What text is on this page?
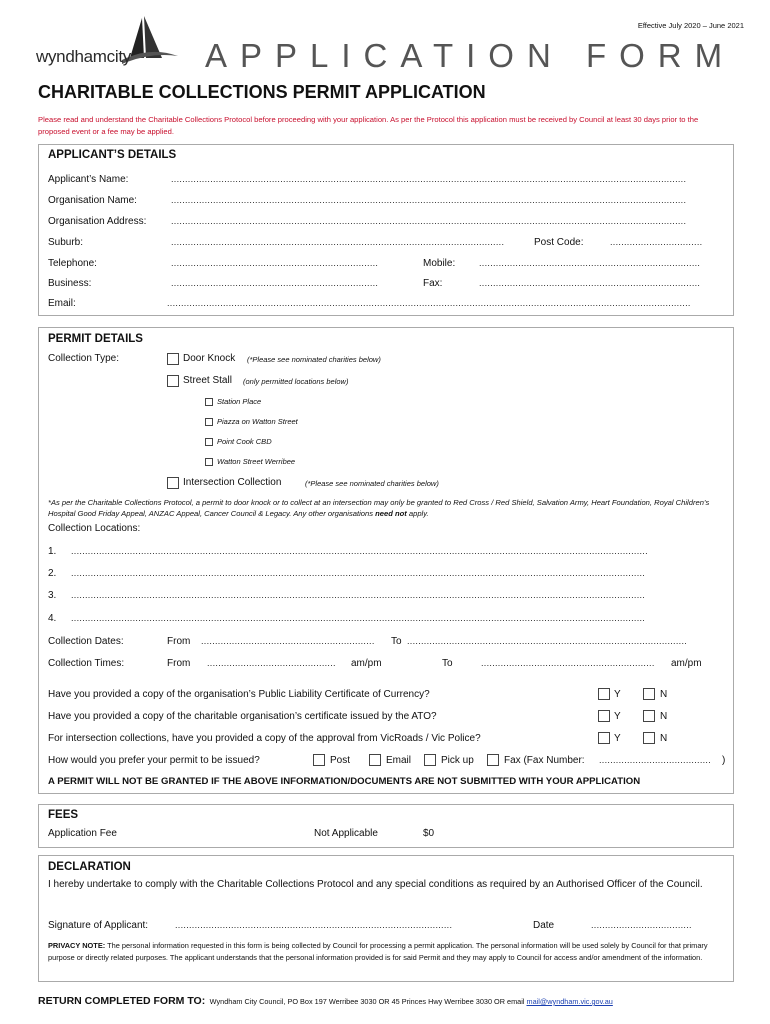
wyndhamcity
Effective July 2020 – June 2021
APPLICATION FORM
CHARITABLE COLLECTIONS PERMIT APPLICATION
Please read and understand the Charitable Collections Protocol before proceeding with your application. As per the Protocol this application must be received by Council at least 30 days prior to the proposed event or a fee may be applied.
APPLICANT’S DETAILS
Applicant’s Name:	........................................................................................................................................................................................
Organisation Name:	........................................................................................................................................................................................
Organisation Address:	........................................................................................................................................................................................
Suburb:	.......................................................................................................................	Post Code:	.................................
Telephone:	..........................................................................	Mobile:	...............................................................................
Business:	..........................................................................	Fax:	...............................................................................
Email:	...........................................................................................................................................................................................
PERMIT DETAILS
Collection Type:	Door Knock (*Please see nominated charities below)
Street Stall (only permitted locations below)
Station Place
Piazza on Watton Street
Point Cook CBD
Watton Street Werribee
Intersection Collection	(*Please see nominated charities below)
*As per the Charitable Collections Protocol, a permit to door knock or to collect at an intersection may only be granted to Red Cross / Red Shield, Salvation Army, Heart Foundation, Royal Children’s Hospital Good Friday Appeal, ANZAC Appeal, Cancer Council & Legacy. Any other organisations need not apply.
Collection Locations:
1. ..............................................................................................................................................................................................................
2. .............................................................................................................................................................................................................
3. .............................................................................................................................................................................................................
4. .............................................................................................................................................................................................................
Collection Dates:	From ..............................................................	To ....................................................................................................
Collection Times:	From ..............................................	am/pm	To	..............................................................	am/pm
Have you provided a copy of the organisation’s Public Liability Certificate of Currency?	Y	N
Have you provided a copy of the charitable organisation’s certificate issued by the ATO?	Y	N
For intersection collections, have you provided a copy of the approval from VicRoads / Vic Police?	Y	N
How would you prefer your permit to be issued?	Post	Email	Pick up	Fax (Fax Number: ........................................	)
A PERMIT WILL NOT BE GRANTED IF THE ABOVE INFORMATION/DOCUMENTS ARE NOT SUBMITTED WITH YOUR APPLICATION
FEES
Application Fee	Not Applicable	$0
DECLARATION
I hereby undertake to comply with the Charitable Collections Protocol and any special conditions as required by an Authorised Officer of the Council.
Signature of Applicant:	...................................................................................................	Date	....................................
PRIVACY NOTE: The personal information requested in this form is being collected by Council for processing a permit application. The personal information will be used solely by Council for that primary purpose or directly related purposes. The applicant understands that the personal information provided is for said Permit and they may apply to Council for access and/or amendment of the information.
RETURN COMPLETED FORM TO: Wyndham City Council, PO Box 197 Werribee 3030 OR 45 Princes Hwy Werribee 3030 OR email mail@wyndham.vic.gov.au
